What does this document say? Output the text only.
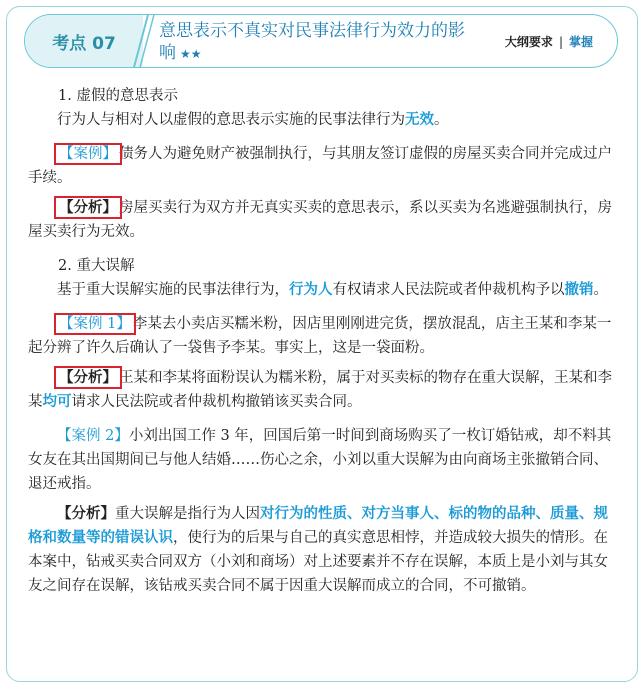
考点 07
意思表示不真实对民事法律行为效力的影响 ★★
大纲要求 | 掌握

1. 虚假的意思表示

行为人与相对人以虚假的意思表示实施的民事法律行为无效。

【案例】 债务人为避免财产被强制执行，与其朋友签订虚假的房屋买卖合同并完成过户手续。

【分析】 房屋买卖行为双方并无真实买卖的意思表示，系以买卖为名逃避强制执行，房屋买卖行为无效。

2. 重大误解

基于重大误解实施的民事法律行为，行为人有权请求人民法院或者仲裁机构予以撤销。

【案例 1】 李某去小卖店买糯米粉，因店里刚刚进完货，摆放混乱，店主王某和李某一起分辨了许久后确认了一袋售予李某。事实上，这是一袋面粉。

【分析】 王某和李某将面粉误认为糯米粉，属于对买卖标的物存在重大误解，王某和李某均可请求人民法院或者仲裁机构撤销该买卖合同。

【案例 2】小刘出国工作 3 年，回国后第一时间到商场购买了一枚订婚钻戒，却不料其女友在其出国期间已与他人结婚……伤心之余，小刘以重大误解为由向商场主张撤销合同、退还戒指。

【分析】重大误解是指行为人因对行为的性质、对方当事人、标的物的品种、质量、规格和数量等的错误认识，使行为的后果与自己的真实意思相悖，并造成较大损失的情形。在本案中，钻戒买卖合同双方（小刘和商场）对上述要素并不存在误解，本质上是小刘与其女友之间存在误解，该钻戒买卖合同不属于因重大误解而成立的合同，不可撤销。
